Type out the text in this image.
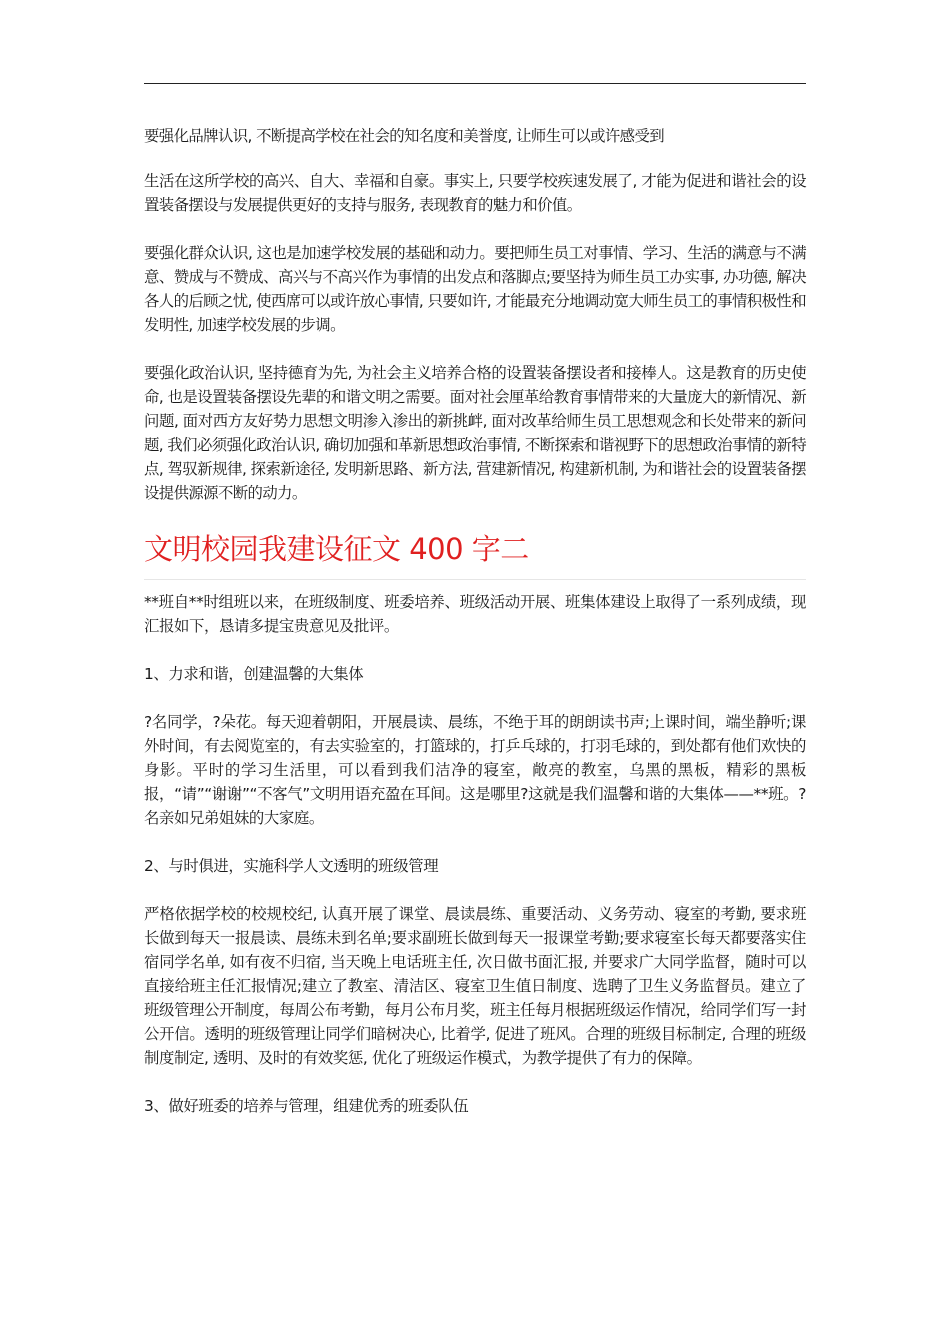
要强化品牌认识, 不断提高学校在社会的知名度和美誉度, 让师生可以或许感受到

生活在这所学校的高兴、自大、幸福和自豪。事实上, 只要学校疾速发展了, 才能为促进和谐社会的设置装备摆设与发展提供更好的支持与服务, 表现教育的魅力和价值。

要强化群众认识, 这也是加速学校发展的基础和动力。要把师生员工对事情、学习、生活的满意与不满意、赞成与不赞成、高兴与不高兴作为事情的出发点和落脚点;要坚持为师生员工办实事, 办功德, 解决各人的后顾之忧, 使西席可以或许放心事情, 只要如许, 才能最充分地调动宽大师生员工的事情积极性和发明性, 加速学校发展的步调。

要强化政治认识, 坚持德育为先, 为社会主义培养合格的设置装备摆设者和接棒人。这是教育的历史使命, 也是设置装备摆设先辈的和谐文明之需要。面对社会厘革给教育事情带来的大量庞大的新情况、新问题, 面对西方友好势力思想文明渗入渗出的新挑衅, 面对改革给师生员工思想观念和长处带来的新问题, 我们必须强化政治认识, 确切加强和革新思想政治事情, 不断探索和谐视野下的思想政治事情的新特点, 驾驭新规律, 探索新途径, 发明新思路、新方法, 营建新情况, 构建新机制, 为和谐社会的设置装备摆设提供源源不断的动力。

文明校园我建设征文 400 字二

**班自**时组班以来，在班级制度、班委培养、班级活动开展、班集体建设上取得了一系列成绩，现汇报如下，恳请多提宝贵意见及批评。

1、力求和谐，创建温馨的大集体

?名同学，?朵花。每天迎着朝阳，开展晨读、晨练，不绝于耳的朗朗读书声;上课时间，端坐静听;课外时间，有去阅览室的，有去实验室的，打篮球的，打乒乓球的，打羽毛球的，到处都有他们欢快的身影。平时的学习生活里，可以看到我们洁净的寝室，敞亮的教室，乌黑的黑板，精彩的黑板报，“请”“谢谢”“不客气”文明用语充盈在耳间。这是哪里?这就是我们温馨和谐的大集体——**班。?名亲如兄弟姐妹的大家庭。

2、与时俱进，实施科学人文透明的班级管理

严格依据学校的校规校纪, 认真开展了课堂、晨读晨练、重要活动、义务劳动、寝室的考勤, 要求班长做到每天一报晨读、晨练未到名单;要求副班长做到每天一报课堂考勤;要求寝室长每天都要落实住宿同学名单, 如有夜不归宿, 当天晚上电话班主任, 次日做书面汇报, 并要求广大同学监督，随时可以直接给班主任汇报情况;建立了教室、清洁区、寝室卫生值日制度、选聘了卫生义务监督员。建立了班级管理公开制度，每周公布考勤，每月公布月奖，班主任每月根据班级运作情况，给同学们写一封公开信。透明的班级管理让同学们暗树决心, 比着学, 促进了班风。合理的班级目标制定, 合理的班级制度制定, 透明、及时的有效奖惩, 优化了班级运作模式，为教学提供了有力的保障。

3、做好班委的培养与管理，组建优秀的班委队伍
